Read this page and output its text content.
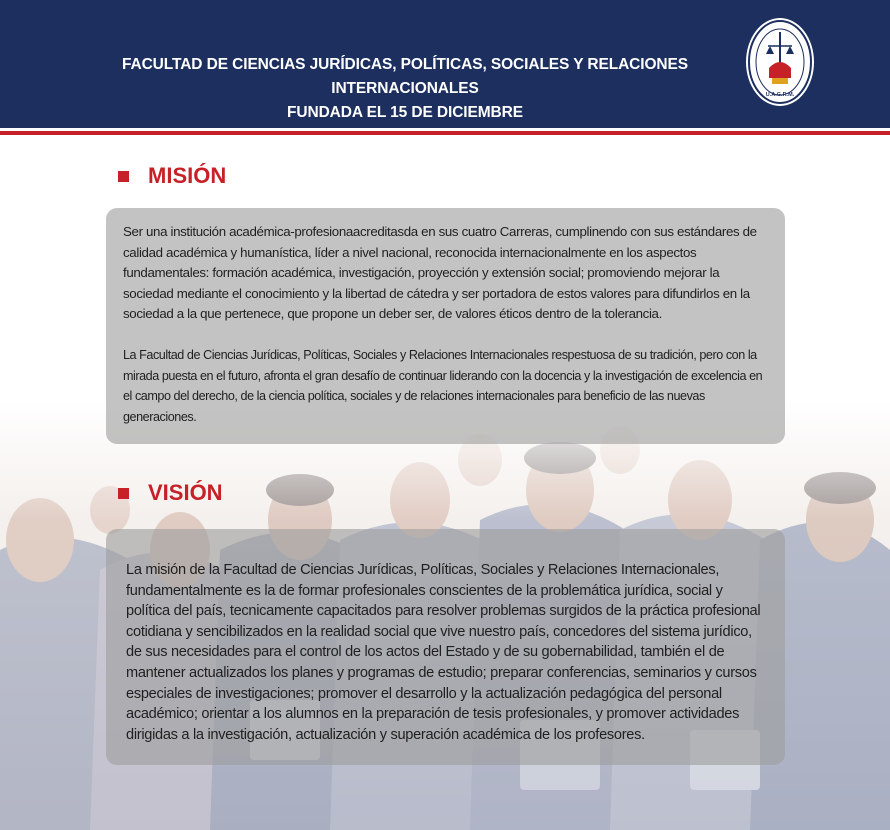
FACULTAD DE CIENCIAS JURÍDICAS, POLÍTICAS, SOCIALES Y RELACIONES INTERNACIONALES
FUNDADA EL 15 DE DICIEMBRE
U.A.G.R.M.
MISIÓN

Ser una institución académica-profesionaacreditasda en sus cuatro Carreras, cumplinendo con sus estándares de calidad académica y humanística, líder a nivel nacional, reconocida internacionalmente en los aspectos fundamentales: formación académica, investigación, proyección y extensión social; promoviendo mejorar la sociedad mediante el conocimiento y la libertad de cátedra y ser portadora de estos valores para difundirlos en la sociedad a la que pertenece, que propone un deber ser, de valores éticos dentro de la tolerancia.

La Facultad de Ciencias Jurídicas, Políticas, Sociales y Relaciones Internacionales respestuosa de su tradición, pero con la mirada puesta en el futuro, afronta el gran desafío de continuar liderando con la docencia y la investigación de excelencia en el campo del derecho, de la ciencia política, sociales y de relaciones internacionales para beneficio de las nuevas generaciones.

VISIÓN

La misión de la Facultad de Ciencias Jurídicas, Políticas, Sociales y Relaciones Internacionales, fundamentalmente es la de formar profesionales conscientes de la problemática jurídica, social y política del país, tecnicamente capacitados para resolver problemas surgidos de la práctica profesional cotidiana y sencibilizados en la realidad social que vive nuestro país, concedores del sistema jurídico, de sus necesidades para el control de los actos del Estado y de su gobernabilidad, también el de mantener actualizados los planes y programas de estudio; preparar conferencias, seminarios y cursos especiales de investigaciones; promover el desarrollo y la actualización pedagógica del personal académico; orientar a los alumnos en la preparación de tesis profesionales, y promover actividades dirigidas a la investigación, actualización y superación académica de los profesores.
